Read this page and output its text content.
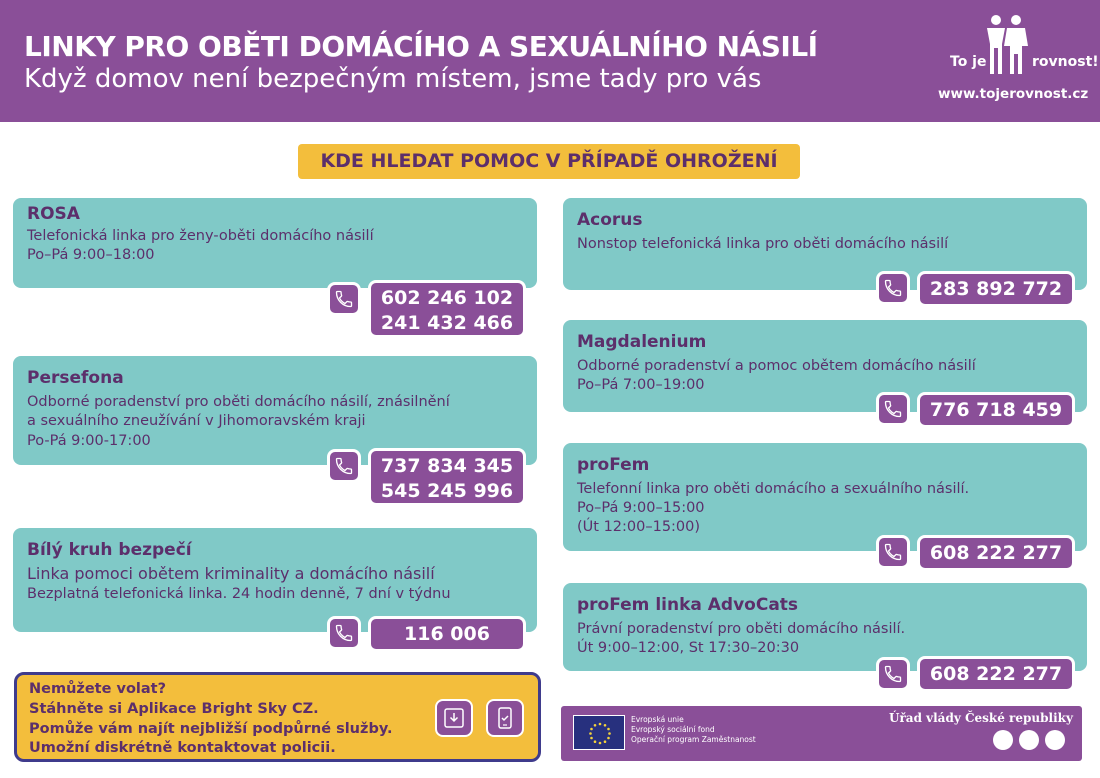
LINKY PRO OBĚTI DOMÁCÍHO A SEXUÁLNÍHO NÁSILÍ
Když domov není bezpečným místem, jsme tady pro vás
To je	rovnost!
www.tojerovnost.cz
KDE HLEDAT POMOC V PŘÍPADĚ OHROŽENÍ
ROSA
Telefonická linka pro ženy-oběti domácího násilí
Po–Pá 9:00–18:00
602 246 102
241 432 466
Persefona
Odborné poradenství pro oběti domácího násilí, znásilnění
a sexuálního zneužívání v Jihomoravském kraji
Po-Pá 9:00-17:00
737 834 345
545 245 996
Bílý kruh bezpečí
Linka pomoci obětem kriminality a domácího násilí
Bezplatná telefonická linka. 24 hodin denně, 7 dní v týdnu
116 006
Acorus
Nonstop telefonická linka pro oběti domácího násilí
283 892 772
Magdalenium
Odborné poradenství a pomoc obětem domácího násilí
Po–Pá 7:00–19:00
776 718 459
proFem
Telefonní linka pro oběti domácího a sexuálního násilí.
Po–Pá 9:00–15:00
(Út 12:00–15:00)
608 222 277
proFem linka AdvoCats
Právní poradenství pro oběti domácího násilí.
Út 9:00–12:00, St 17:30–20:30
608 222 277
Nemůžete volat?
Stáhněte si Aplikace Bright Sky CZ.
Pomůže vám najít nejbližší podpůrné služby.
Umožní diskrétně kontaktovat policii.
Evropská unie
Evropský sociální fond
Operační program Zaměstnanost
Úřad vlády České republiky
